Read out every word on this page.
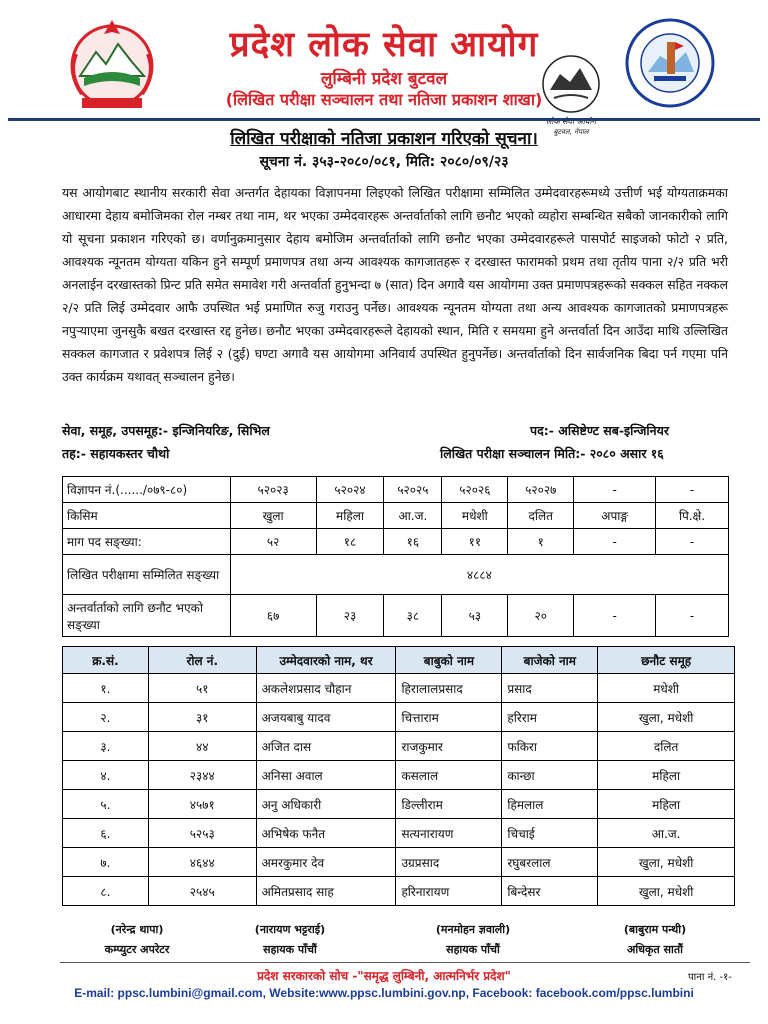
लोक सेवा आयोग
बुटवल, नेपाल
प्रदेश लोक सेवा आयोग
लुम्बिनी प्रदेश बुटवल
(लिखित परीक्षा सञ्चालन तथा नतिजा प्रकाशन शाखा)
लिखित परीक्षाको नतिजा प्रकाशन गरिएको सूचना।
सूचना नं. ३५३-२०८०/०८१, मिति: २०८०/०९/२३
यस आयोगबाट स्थानीय सरकारी सेवा अन्तर्गत देहायका विज्ञापनमा लिइएको लिखित परीक्षामा सम्मिलित उम्मेदवारहरूमध्ये उत्तीर्ण भई योग्यताक्रमका आधारमा देहाय बमोजिमका रोल नम्बर तथा नाम, थर भएका उम्मेदवारहरू अन्तर्वार्ताको लागि छनौट भएको व्यहोरा सम्बन्धित सबैको जानकारीको लागि यो सूचना प्रकाशन गरिएको छ। वर्णानुक्रमानुसार देहाय बमोजिम अन्तर्वार्ताको लागि छनौट भएका उम्मेदवारहरूले पासपोर्ट साइजको फोटो २ प्रति, आवश्यक न्यूनतम योग्यता यकिन हुने सम्पूर्ण प्रमाणपत्र तथा अन्य आवश्यक कागजातहरू र दरखास्त फारामको प्रथम तथा तृतीय पाना २/२ प्रति भरी अनलाईन दरखास्तको प्रिन्ट प्रति समेत समावेश गरी अन्तर्वार्ता हुनुभन्दा ७ (सात) दिन अगावै यस आयोगमा उक्त प्रमाणपत्रहरूको सक्कल सहित नक्कल २/२ प्रति लिई उम्मेदवार आफै उपस्थित भई प्रमाणित रुजु गराउनु पर्नेछ। आवश्यक न्यूनतम योग्यता तथा अन्य आवश्यक कागजातको प्रमाणपत्रहरू नपुऱ्याएमा जुनसुकै बखत दरखास्त रद्द हुनेछ। छनौट भएका उम्मेदवारहरूले देहायको स्थान, मिति र समयमा हुने अन्तर्वार्ता दिन आउँदा माथि उल्लिखित सक्कल कागजात र प्रवेशपत्र लिई २ (दुई) घण्टा अगावै यस आयोगमा अनिवार्य उपस्थित हुनुपर्नेछ। अन्तर्वार्ताको दिन सार्वजनिक बिदा पर्न गएमा पनि उक्त कार्यक्रम यथावत् सञ्चालन हुनेछ।
सेवा, समूह, उपसमूह:- इन्जिनियरिङ, सिभिल	पद:- असिष्टेण्ट सब-इन्जिनियर
तह:- सहायकस्तर चौथो	लिखित परीक्षा सञ्चालन मिति:- २०८० असार १६
विज्ञापन नं.(....../०७९-८०)	५२०२३	५२०२४	५२०२५	५२०२६	५२०२७	-	-
किसिम	खुला	महिला	आ.ज.	मधेशी	दलित	अपाङ्ग	पि.क्षे.
माग पद सङ्ख्या:	५२	१८	१६	११	१	-	-
लिखित परीक्षामा सम्मिलित सङ्ख्या	४८८४						
अन्तर्वार्ताको लागि छनौट भएको सङ्ख्या	६७	२३	३८	५३	२०	-	-
क्र.सं.	रोल नं.	उम्मेदवारको नाम, थर	बाबुको नाम	बाजेको नाम	छनौट समूह
१.	५१	अकलेशप्रसाद चौहान	हिरालालप्रसाद	प्रसाद	मधेशी
२.	३१	अजयबाबु यादव	चित्ताराम	हरिराम	खुला, मधेशी
३.	४४	अजित दास	राजकुमार	फकिरा	दलित
४.	२३४४	अनिसा अवाल	कसलाल	कान्छा	महिला
५.	४५७१	अनु अधिकारी	डिल्लीराम	हिमलाल	महिला
६.	५२५३	अभिषेक फनैत	सत्यनारायण	चिचाई	आ.ज.
७.	४६४४	अमरकुमार देव	उग्रप्रसाद	रघुबरलाल	खुला, मधेशी
८.	२५४५	अमितप्रसाद साह	हरिनारायण	बिन्देसर	खुला, मधेशी
(नरेन्द्र थापा)
कम्प्युटर अपरेटर
(नारायण भट्टराई)
सहायक पाँचौं
(मनमोहन ज्ञवाली)
सहायक पाँचौं
(बाबुराम पन्थी)
अधिकृत सातौं
प्रदेश सरकारको सोच -"समृद्ध लुम्बिनी, आत्मनिर्भर प्रदेश"	पाना नं. -१-
E-mail: ppsc.lumbini@gmail.com, Website:www.ppsc.lumbini.gov.np, Facebook: facebook.com/ppsc.lumbini
